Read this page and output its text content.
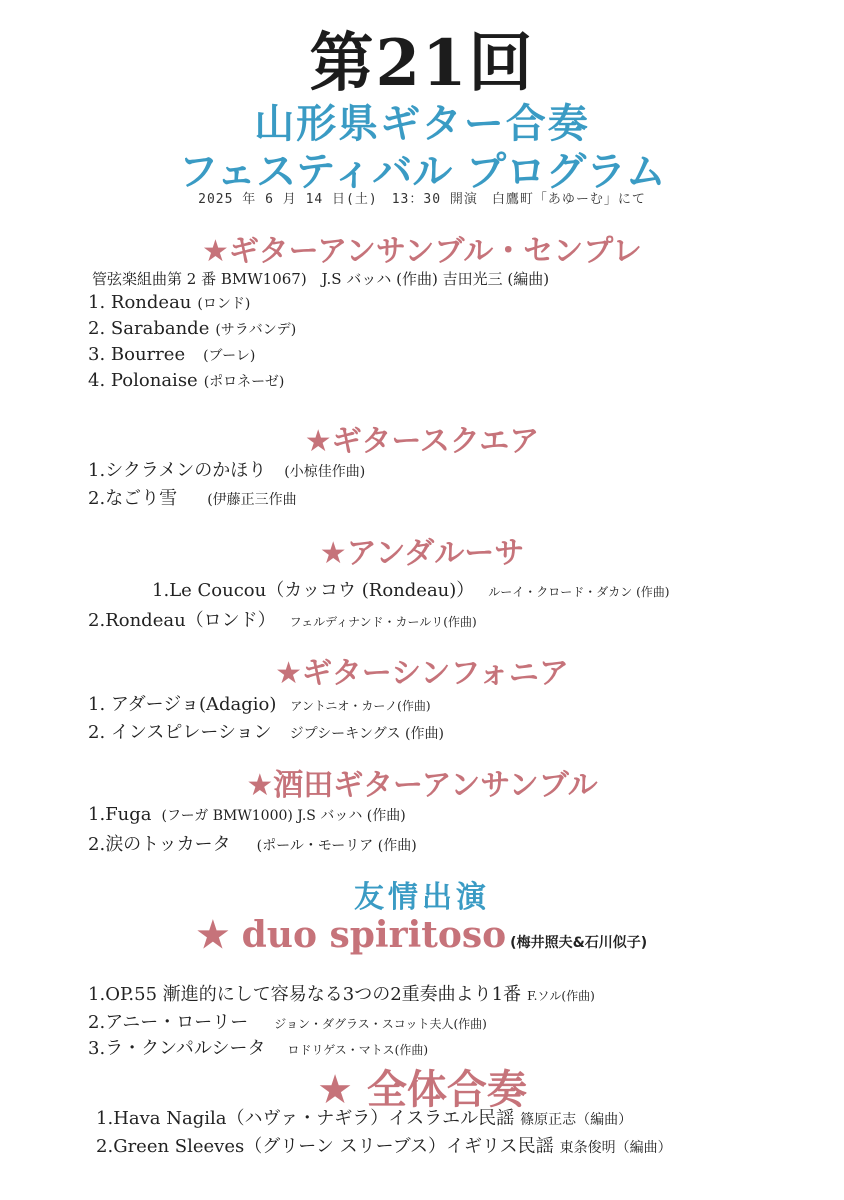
第21回
山形県ギター合奏
フェスティバル プログラム
2025 年 6 月 14 日(土)　13：30 開演　白鷹町「あゆーむ」にて
★ギターアンサンブル・センプレ
管弦楽組曲第 2 番 BMW1067)　J.S バッハ (作曲) 吉田光三 (編曲)
1. Rondeau (ロンド)
2. Sarabande (サラバンデ)
3. Bourree (ブーレ)
4. Polonaise (ポロネーゼ)
★ギタースクエア
1.シクラメンのかほり (小椋佳作曲)
2.なごり雪 (伊藤正三作曲
★アンダルーサ
1.Le Coucou（カッコウ (Rondeau)） ルーイ・クロード・ダカン (作曲)
2.Rondeau（ロンド） フェルディナンド・カールリ(作曲)
★ギターシンフォニア
1. アダージョ(Adagio) アントニオ・カーノ(作曲)
2. インスピレーション ジプシーキングス (作曲)
★酒田ギターアンサンブル
1.Fuga (フーガ BMW1000) J.S バッハ (作曲)
2.涙のトッカータ (ポール・モーリア (作曲)
友情出演
★ duo spiritoso (梅井照夫&石川似子)
1.OP.55 漸進的にして容易なる3つの2重奏曲より1番 F.ソル(作曲)
2.アニー・ローリー ジョン・ダグラス・スコット夫人(作曲)
3.ラ・クンパルシータ ロドリゲス・マトス(作曲)
★ 全体合奏
1.Hava Nagila（ハヴァ・ナギラ）イスラエル民謡 篠原正志（編曲）
2.Green Sleeves（グリーン スリーブス）イギリス民謡 東条俊明（編曲）
